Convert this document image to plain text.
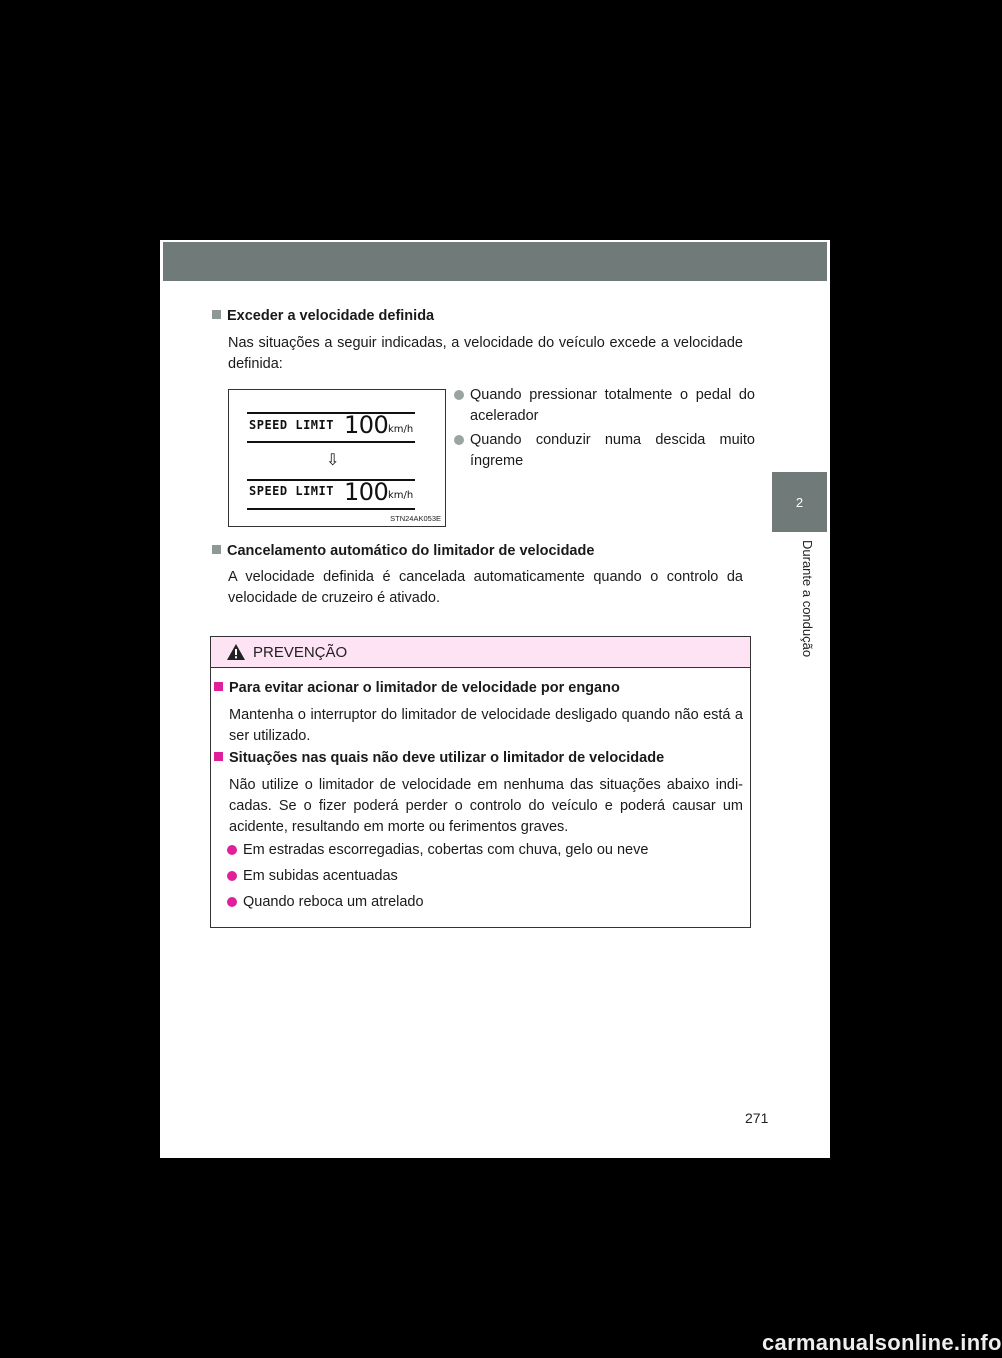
2
Durante a condução
Exceder a velocidade definida
Nas situações a seguir indicadas, a velocidade do veículo excede a velocidade definida:
SPEED LIMIT 100 km/h
⇩
SPEED LIMIT 100 km/h
STN24AK053E
Quando pressionar totalmente o pedal do acelerador
Quando conduzir numa descida muito íngreme
Cancelamento automático do limitador de velocidade
A velocidade definida é cancelada automaticamente quando o controlo da velocidade de cruzeiro é ativado.
PREVENÇÃO
Para evitar acionar o limitador de velocidade por engano
Mantenha o interruptor do limitador de velocidade desligado quando não está a ser utilizado.
Situações nas quais não deve utilizar o limitador de velocidade
Não utilize o limitador de velocidade em nenhuma das situações abaixo indi-cadas. Se o fizer poderá perder o controlo do veículo e poderá causar um acidente, resultando em morte ou ferimentos graves.
Em estradas escorregadias, cobertas com chuva, gelo ou neve
Em subidas acentuadas
Quando reboca um atrelado
271
carmanualsonline.info
